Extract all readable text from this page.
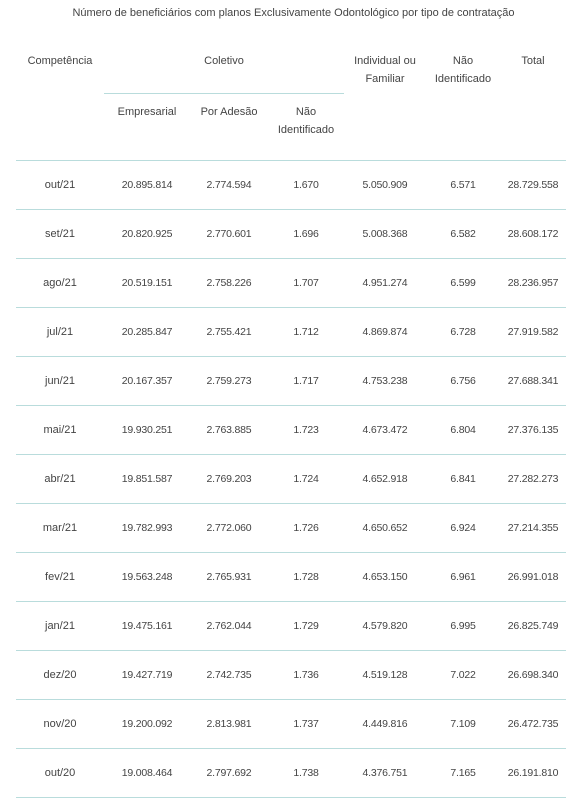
Número de beneficiários com planos Exclusivamente Odontológico por tipo de contratação
Competência	Coletivo			Individual ou Familiar	Não Identificado	Total
	Empresarial	Por Adesão	Não Identificado			
out/21	20.895.814	2.774.594	1.670	5.050.909	6.571	28.729.558
set/21	20.820.925	2.770.601	1.696	5.008.368	6.582	28.608.172
ago/21	20.519.151	2.758.226	1.707	4.951.274	6.599	28.236.957
jul/21	20.285.847	2.755.421	1.712	4.869.874	6.728	27.919.582
jun/21	20.167.357	2.759.273	1.717	4.753.238	6.756	27.688.341
mai/21	19.930.251	2.763.885	1.723	4.673.472	6.804	27.376.135
abr/21	19.851.587	2.769.203	1.724	4.652.918	6.841	27.282.273
mar/21	19.782.993	2.772.060	1.726	4.650.652	6.924	27.214.355
fev/21	19.563.248	2.765.931	1.728	4.653.150	6.961	26.991.018
jan/21	19.475.161	2.762.044	1.729	4.579.820	6.995	26.825.749
dez/20	19.427.719	2.742.735	1.736	4.519.128	7.022	26.698.340
nov/20	19.200.092	2.813.981	1.737	4.449.816	7.109	26.472.735
out/20	19.008.464	2.797.692	1.738	4.376.751	7.165	26.191.810
